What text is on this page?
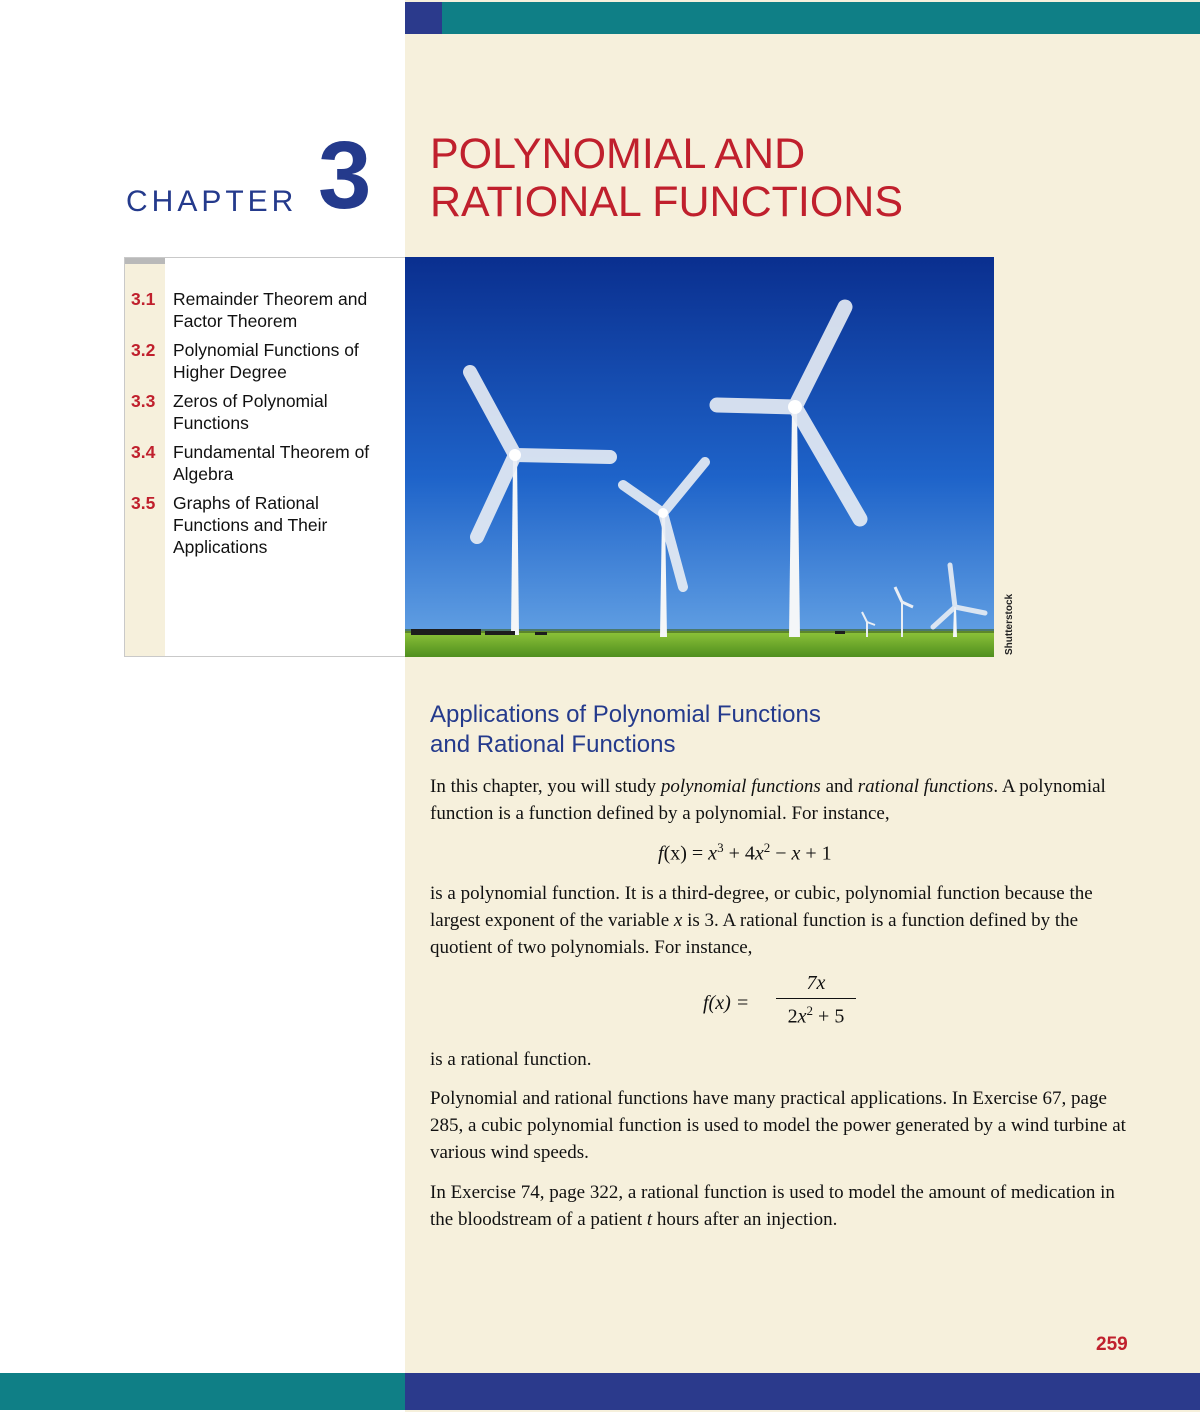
CHAPTER 3 POLYNOMIAL AND
RATIONAL FUNCTIONS
3.1 Remainder Theorem and
Factor Theorem
3.2 Polynomial Functions of
Higher Degree
3.3 Zeros of Polynomial
Functions
3.4 Fundamental Theorem of
Algebra
3.5 Graphs of Rational
Functions and Their
Applications
Shutterstock
Applications of Polynomial Functions
and Rational Functions
In this chapter, you will study polynomial functions and rational functions. A polynomial function is a function defined by a polynomial. For instance,
$f(x) = x^3 + 4x^2 - x + 1$
is a polynomial function. It is a third-degree, or cubic, polynomial function because the largest exponent of the variable x is 3. A rational function is a function defined by the quotient of two polynomials. For instance,
f(x) =
7x
$2x^2 + 5$
is a rational function.
Polynomial and rational functions have many practical applications. In Exercise 67, page 285, a cubic polynomial function is used to model the power generated by a wind turbine at various wind speeds.
In Exercise 74, page 322, a rational function is used to model the amount of medication in the bloodstream of a patient t hours after an injection.
259
